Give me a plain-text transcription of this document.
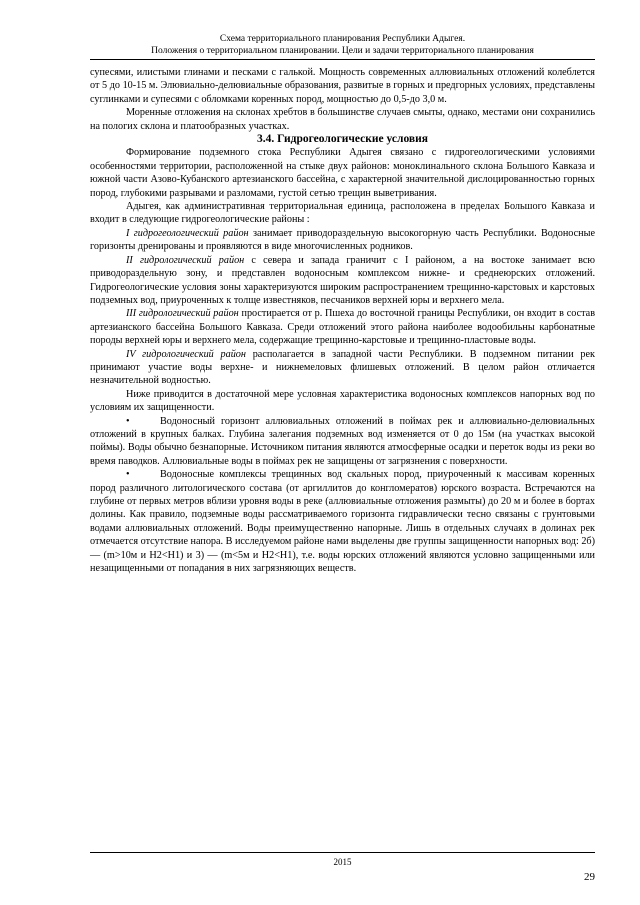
Схема территориального планирования Республики Адыгея.
Положения о территориальном планировании. Цели и задачи территориального планирования

супесями, илистыми глинами и песками с галькой. Мощность современных аллювиальных отложений колеблется от 5 до 10-15 м. Элювиально-делювиальные образования, развитые в горных и предгорных условиях, представлены суглинками и супесями с обломками коренных пород, мощностью до 0,5-до 3,0 м.

Моренные отложения на склонах хребтов в большинстве случаев смыты, однако, местами они сохранились на пологих склона и платообразных участках.

3.4. Гидрогеологические условия

Формирование подземного стока Республики Адыгея связано с гидрогеологическими условиями особенностями территории, расположенной на стыке двух районов: моноклинального склона Большого Кавказа и южной части Азово-Кубанского артезианского бассейна, с характерной значительной дислоцированностью горных пород, глубокими разрывами и разломами, густой сетью трещин выветривания.

Адыгея, как административная территориальная единица, расположена в пределах Большого Кавказа и входит в следующие гидрогеологические районы :

I гидрогеологический район занимает приводораздельную высокогорную часть Республики. Водоносные горизонты дренированы и проявляются в виде многочисленных родников.

II гидрологический район с севера и запада граничит с I районом, а на востоке занимает всю приводораздельную зону, и представлен водоносным комплексом нижне- и среднеюрских отложений. Гидрогеологические условия зоны характеризуются широким распространением трещинно-карстовых и карстовых подземных вод, приуроченных к толще известняков, песчаников верхней юры и верхнего мела.

III гидрологический район простирается от р. Пшеха до восточной границы Республики, он входит в состав артезианского бассейна Большого Кавказа. Среди отложений этого района наиболее водообильны карбонатные породы верхней юры и верхнего мела, содержащие трещинно-карстовые и трещинно-пластовые воды.

IV гидрологический район располагается в западной части Республики. В подземном питании рек принимают участие воды верхне- и нижнемеловых флишевых отложений. В целом район отличается незначительной водностью.

Ниже приводится в достаточной мере условная характеристика водоносных комплексов напорных вод по условиям их защищенности.

•	Водоносный горизонт аллювиальных отложений в поймах рек и аллювиально-делювиальных отложений в крупных балках. Глубина залегания подземных вод изменяется от 0 до 15м (на участках высокой поймы). Воды обычно безнапорные. Источником питания являются атмосферные осадки и переток воды из реки во время паводков. Аллювиальные воды в поймах рек не защищены от загрязнения с поверхности.

•	Водоносные комплексы трещинных вод скальных пород, приуроченный к массивам коренных пород различного литологического состава (от аргиллитов до конгломератов) юрского возраста. Встречаются на глубине от первых метров вблизи уровня воды в реке (аллювиальные отложения размыты) до 20 м и более в бортах долины. Как правило, подземные воды рассматриваемого горизонта гидравлически тесно связаны с грунтовыми водами аллювиальных отложений. Воды преимущественно напорные. Лишь в отдельных случаях в долинах рек отмечается отсутствие напора. В исследуемом районе нами выделены две группы защищенности напорных вод: 2б) — (m>10м и H2<H1) и 3) — (m<5м и H2<H1), т.е. воды юрских отложений являются условно защищенными или незащищенными от попадания в них загрязняющих веществ.

2015
29
